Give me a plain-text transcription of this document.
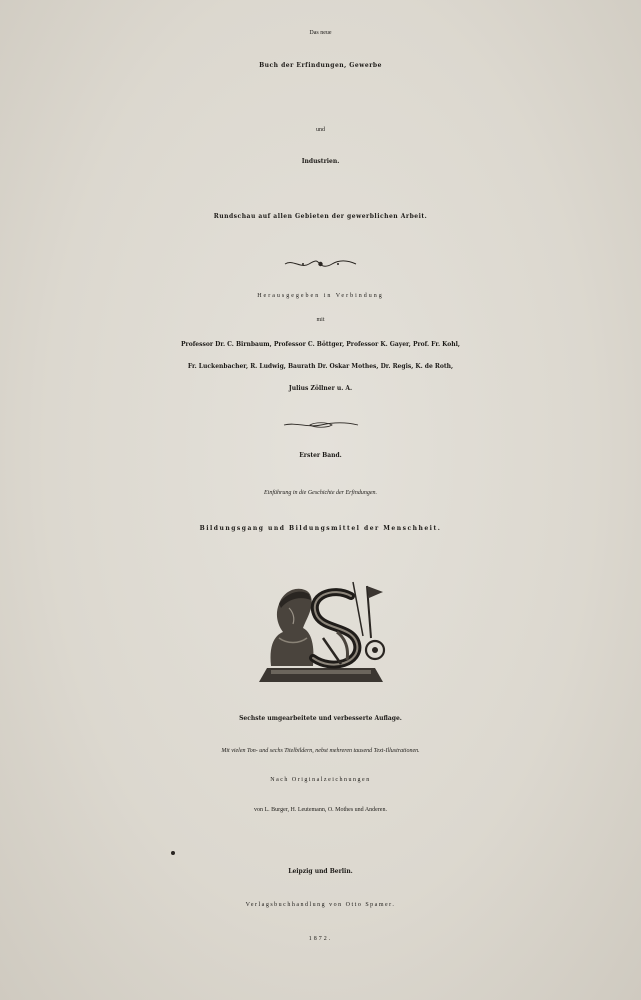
Das neue
Buch der Erfindungen, Gewerbe
und
Industrien.
Rundschau auf allen Gebieten der gewerblichen Arbeit.
Herausgegeben in Verbindung
mit
Professor Dr. C. Birnbaum, Professor C. Böttger, Professor K. Gayer, Prof. Fr. Kohl,
Fr. Luckenbacher, R. Ludwig, Baurath Dr. Oskar Mothes, Dr. Regis, K. de Roth,
Julius Zöllner u. A.
Erster Band.
Einführung in die Geschichte der Erfindungen.
Bildungsgang und Bildungsmittel der Menschheit.
Sechste umgearbeitete und verbesserte Auflage.
Mit vielen Ton- und sechs Titelbildern, nebst mehreren tausend Text-Illustrationen.
Nach Originalzeichnungen
von L. Burger, H. Leutemann, O. Mothes und Anderen.
Leipzig und Berlin.
Verlagsbuchhandlung von Otto Spamer.
1872.
